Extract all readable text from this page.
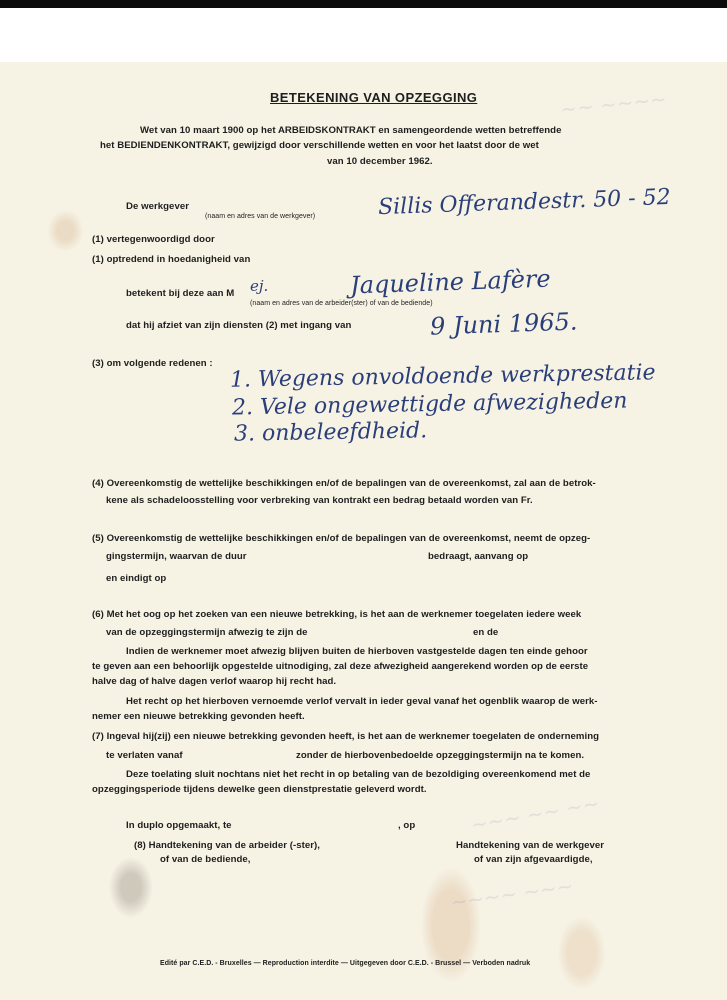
~~ ~~~~
~~~ ~~ ~~
~~~~ ~~~
BETEKENING VAN OPZEGGING
Wet van 10 maart 1900 op het ARBEIDSKONTRAKT en samengeordende wetten betreffende
het BEDIENDENKONTRAKT, gewijzigd door verschillende wetten en voor het laatst door de wet
van 10 december 1962.
De werkgever
(naam en adres van de werkgever)	Sillis Offerandestr. 50 - 52
(1) vertegenwoordigd door
(1) optredend in hoedanigheid van
betekent bij deze aan M ej.
(naam en adres van de arbeider(ster) of van de bediende)
Jaqueline Lafère
dat hij afziet van zijn diensten (2) met ingang van	9 Juni 1965.
(3) om volgende redenen : 1. Wegens onvoldoende werkprestatie
2. Vele ongewettigde afwezigheden
3. onbeleefdheid.
(4) Overeenkomstig de wettelijke beschikkingen en/of de bepalingen van de overeenkomst, zal aan de betrok-
kene als schadeloosstelling voor verbreking van kontrakt een bedrag betaald worden van Fr.
(5) Overeenkomstig de wettelijke beschikkingen en/of de bepalingen van de overeenkomst, neemt de opzeg-
gingstermijn, waarvan de duur	bedraagt, aanvang op
en eindigt op
(6) Met het oog op het zoeken van een nieuwe betrekking, is het aan de werknemer toegelaten iedere week
van de opzeggingstermijn afwezig te zijn de	en de
Indien de werknemer moet afwezig blijven buiten de hierboven vastgestelde dagen ten einde gehoor
te geven aan een behoorlijk opgestelde uitnodiging, zal deze afwezigheid aangerekend worden op de eerste
halve dag of halve dagen verlof waarop hij recht had.
Het recht op het hierboven vernoemde verlof vervalt in ieder geval vanaf het ogenblik waarop de werk-
nemer een nieuwe betrekking gevonden heeft.
(7) Ingeval hij(zij) een nieuwe betrekking gevonden heeft, is het aan de werknemer toegelaten de onderneming
te verlaten vanaf	zonder de hierbovenbedoelde opzeggingstermijn na te komen.
Deze toelating sluit nochtans niet het recht in op betaling van de bezoldiging overeenkomend met de
opzeggingsperiode tijdens dewelke geen dienstprestatie geleverd wordt.
In duplo opgemaakt, te	, op
(8) Handtekening van de arbeider (-ster),
of van de bediende,
Handtekening van de werkgever
of van zijn afgevaardigde,
Edité par C.E.D. - Bruxelles — Reproduction interdite — Uitgegeven door C.E.D. - Brussel — Verboden nadruk
